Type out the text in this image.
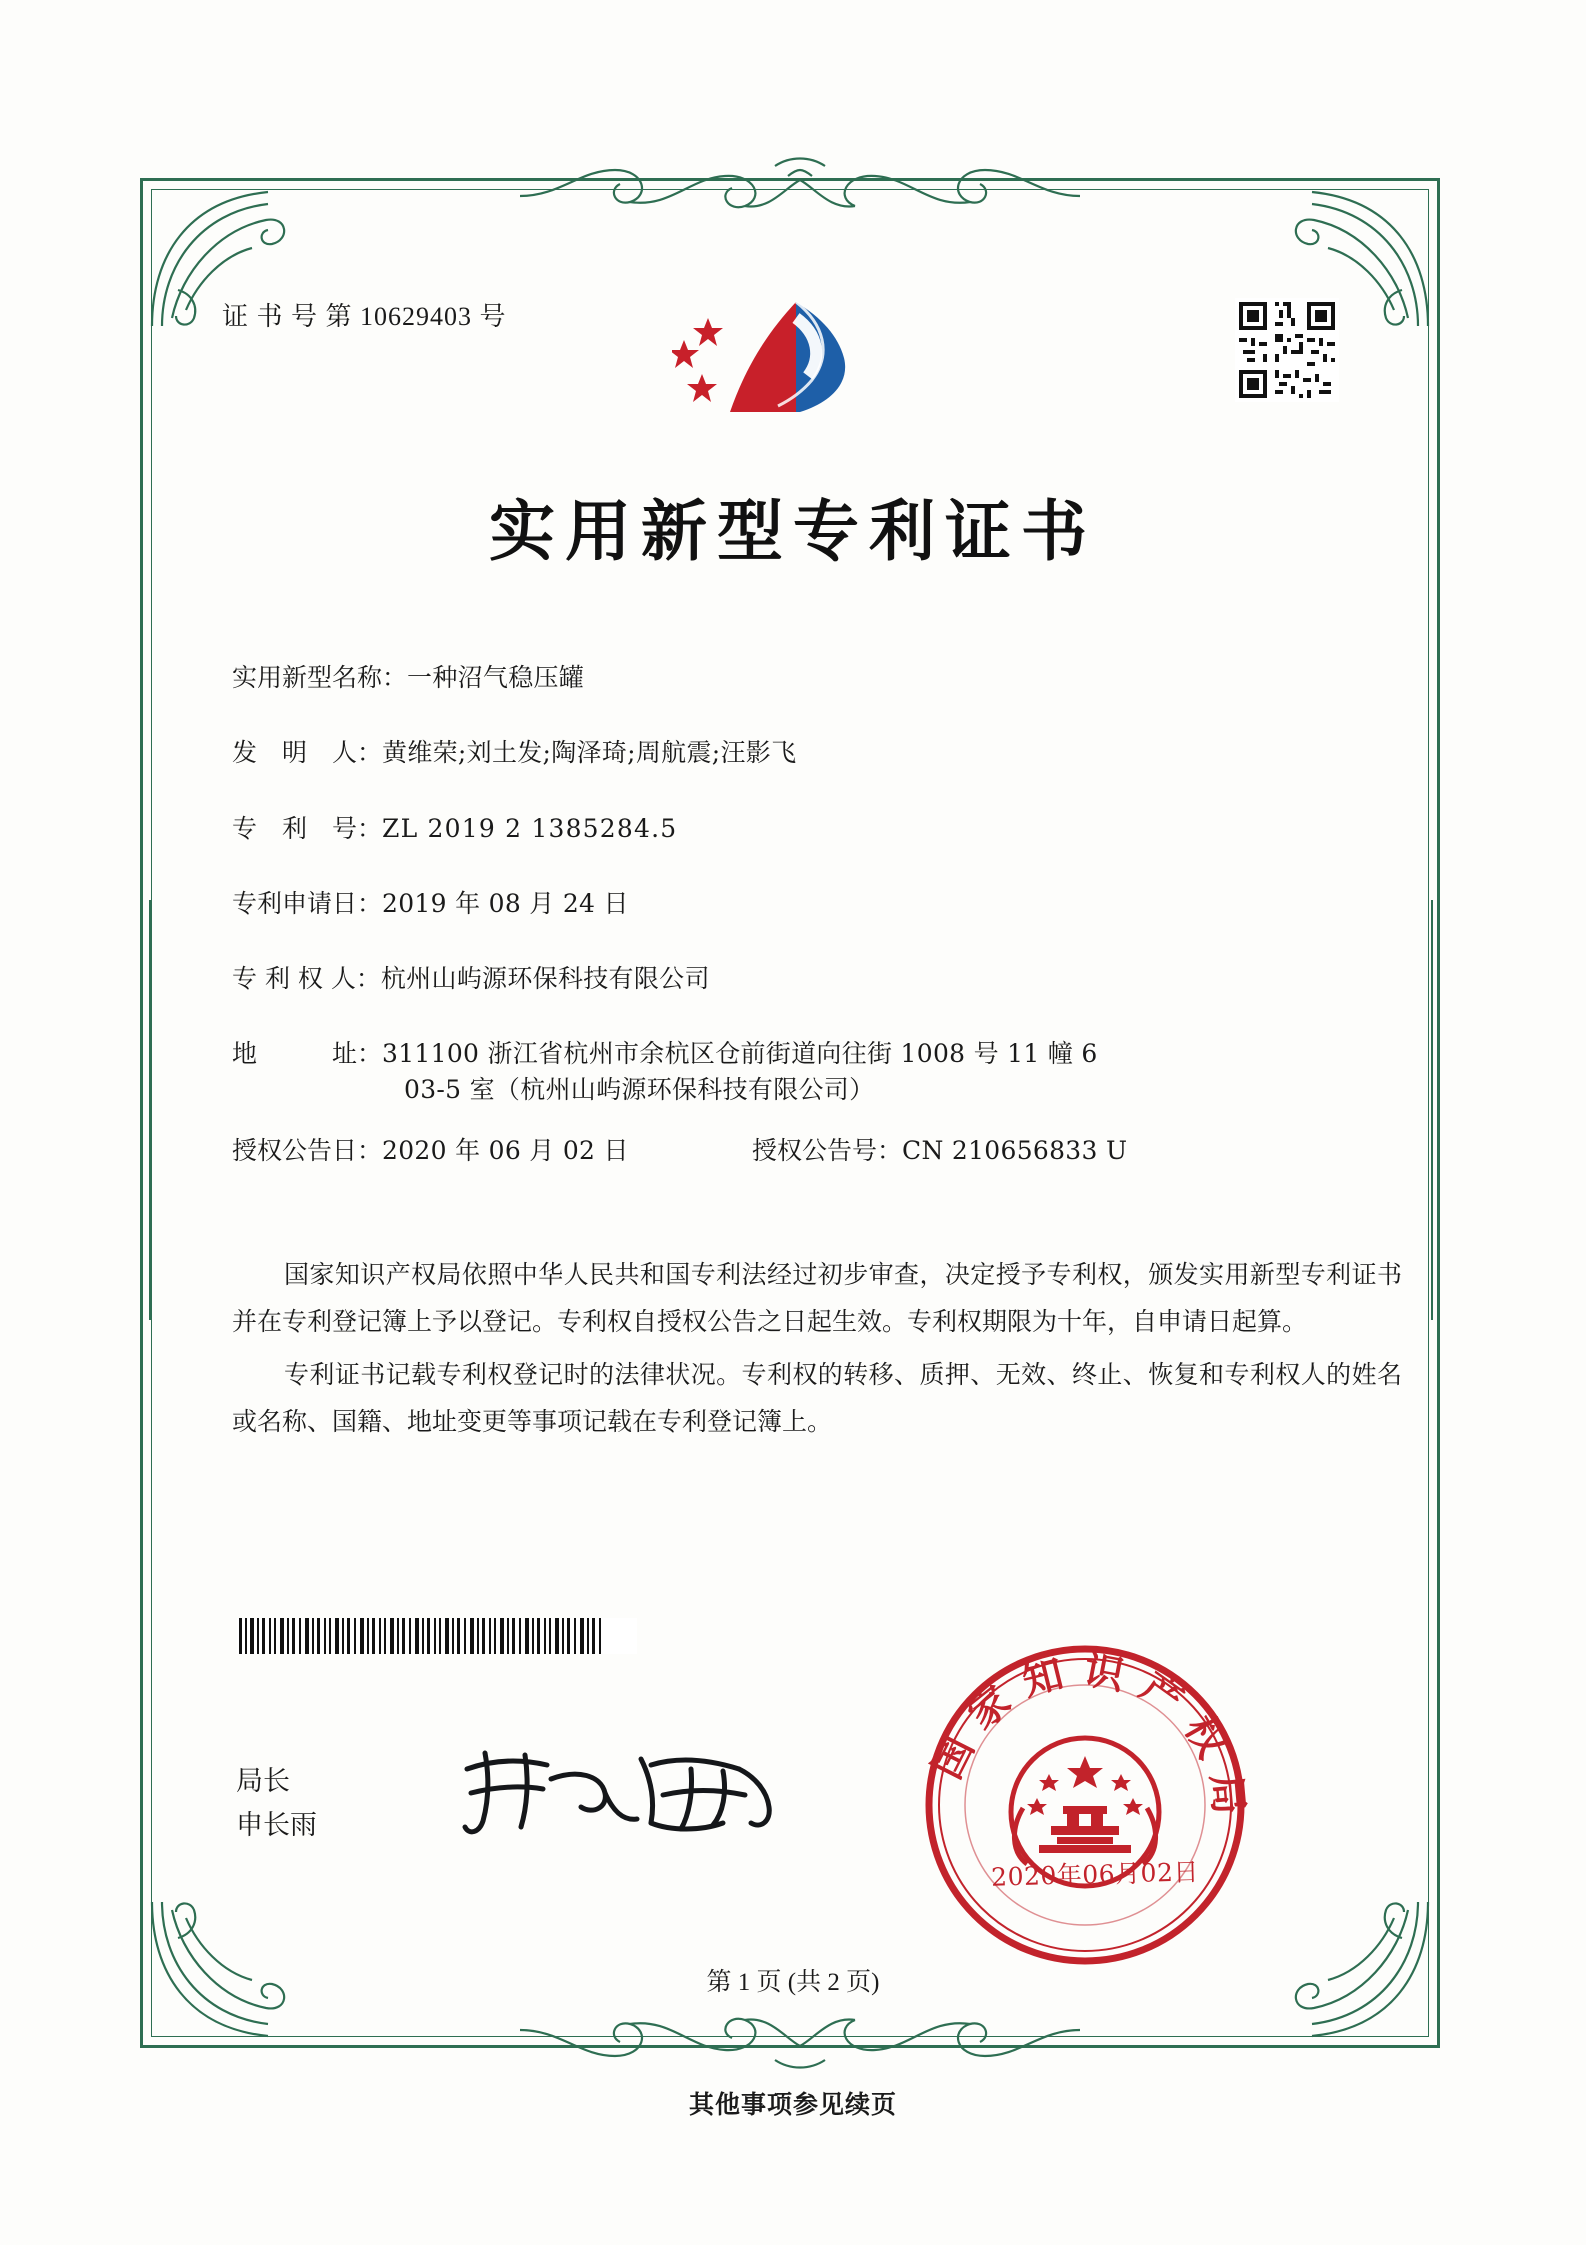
证 书 号 第 10629403 号
实用新型专利证书
实用新型名称： 一种沼气稳压罐
发　明　人： 黄维荣;刘土发;陶泽琦;周航震;汪影飞
专　利　号： ZL 2019 2 1385284.5
专利申请日： 2019 年 08 月 24 日
专 利 权 人： 杭州山屿源环保科技有限公司
地　　　址： 311100 浙江省杭州市余杭区仓前街道向往街 1008 号 11 幢 6
03-5 室（杭州山屿源环保科技有限公司）
授权公告日： 2020 年 06 月 02 日	授权公告号： CN 210656833 U

国家知识产权局依照中华人民共和国专利法经过初步审查，决定授予专利权，颁发实用新型专利证书并在专利登记簿上予以登记。专利权自授权公告之日起生效。专利权期限为十年，自申请日起算。

专利证书记载专利权登记时的法律状况。专利权的转移、质押、无效、终止、恢复和专利权人的姓名或名称、国籍、地址变更等事项记载在专利登记簿上。

局长
申长雨
国家知识产权局
2020年06月02日
第 1 页 (共 2 页)
其他事项参见续页
